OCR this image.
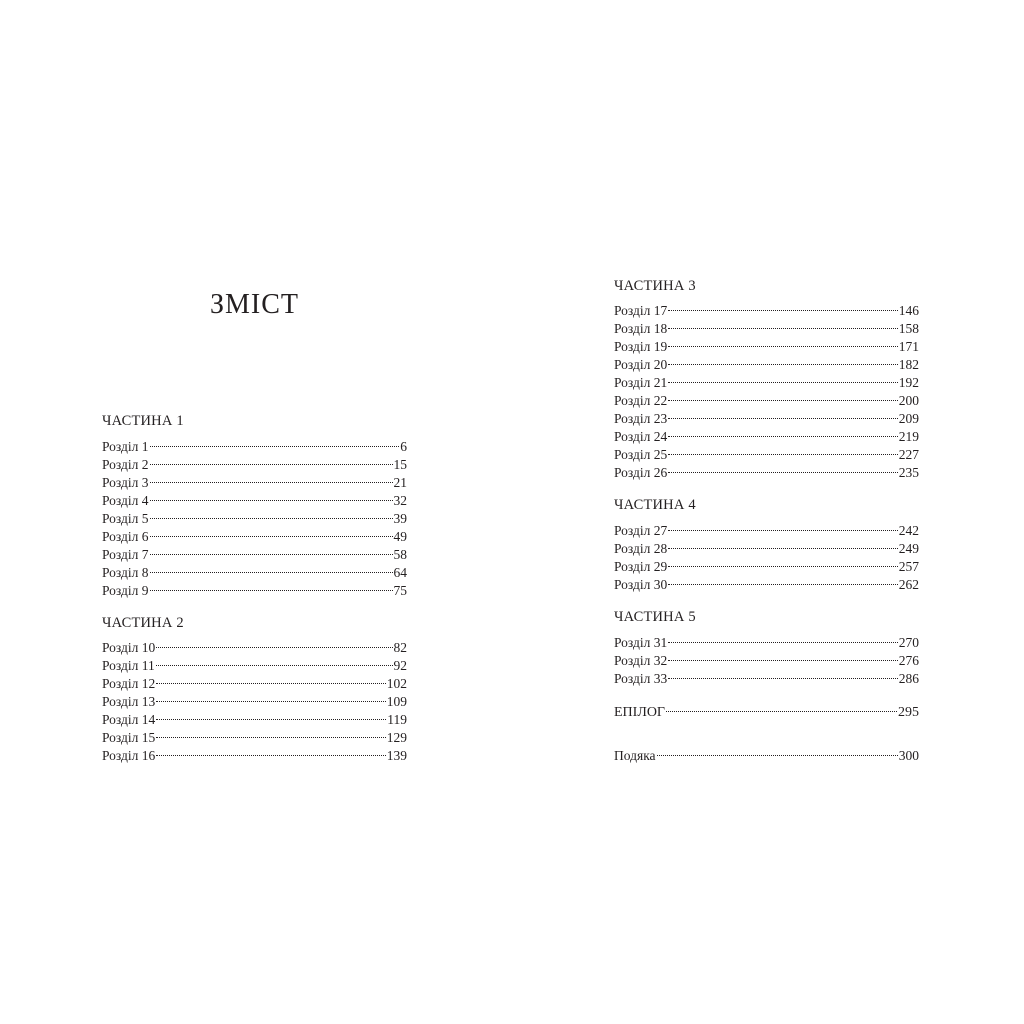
ЗМІСТ
ЧАСТИНА 1
Розділ 1	6
Розділ 2	15
Розділ 3	21
Розділ 4	32
Розділ 5	39
Розділ 6	49
Розділ 7	58
Розділ 8	64
Розділ 9	75
ЧАСТИНА 2
Розділ 10	82
Розділ 11	92
Розділ 12	102
Розділ 13	109
Розділ 14	119
Розділ 15	129
Розділ 16	139
ЧАСТИНА 3
Розділ 17	146
Розділ 18	158
Розділ 19	171
Розділ 20	182
Розділ 21	192
Розділ 22	200
Розділ 23	209
Розділ 24	219
Розділ 25	227
Розділ 26	235
ЧАСТИНА 4
Розділ 27	242
Розділ 28	249
Розділ 29	257
Розділ 30	262
ЧАСТИНА 5
Розділ 31	270
Розділ 32	276
Розділ 33	286
ЕПІЛОГ	295
Подяка	300
